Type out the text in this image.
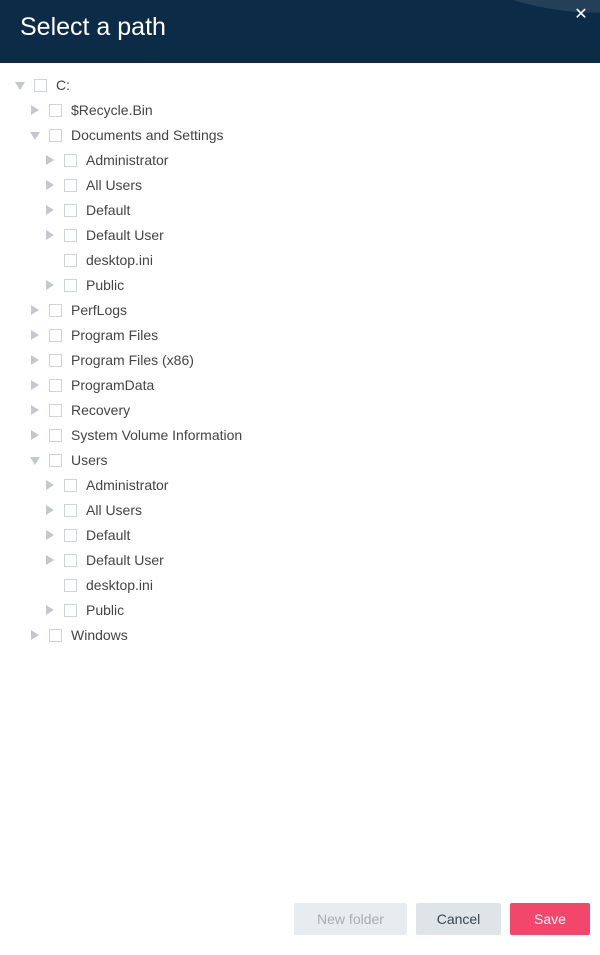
Select a path	✕
C:
$Recycle.Bin
Documents and Settings
Administrator
All Users
Default
Default User
desktop.ini
Public
PerfLogs
Program Files
Program Files (x86)
ProgramData
Recovery
System Volume Information
Users
Administrator
All Users
Default
Default User
desktop.ini
Public
Windows
New folder	Cancel	Save
